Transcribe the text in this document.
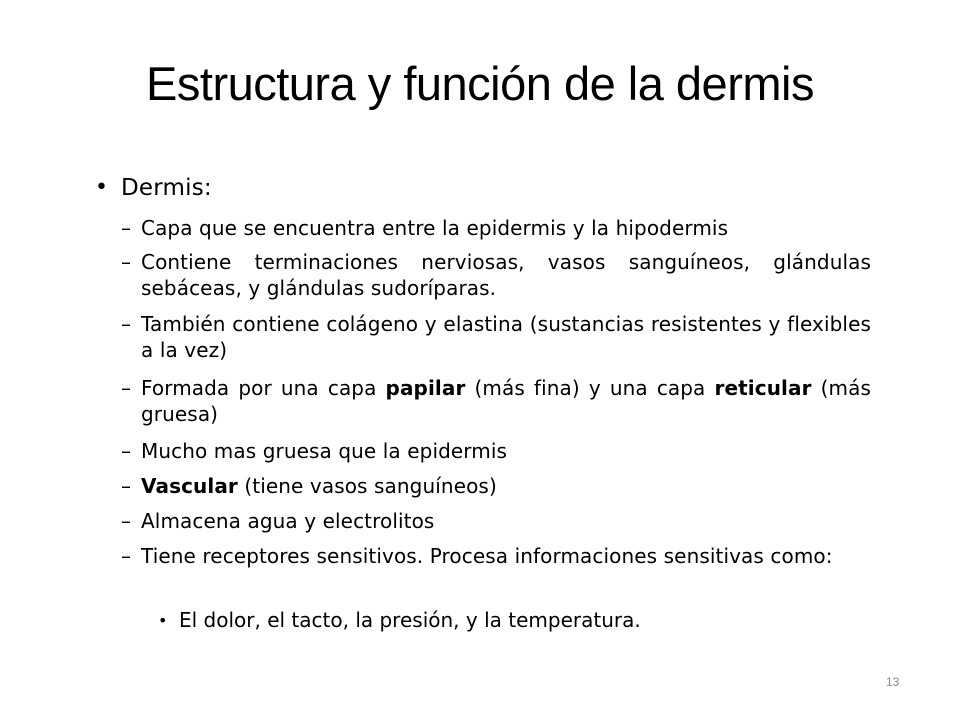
Estructura y función de la dermis
• Dermis:
– Capa que se encuentra entre la epidermis y la hipodermis
– Contiene terminaciones nerviosas, vasos sanguíneos, glándulas sebáceas, y glándulas sudoríparas.
– También contiene colágeno y elastina (sustancias resistentes y flexibles a la vez)
– Formada por una capa papilar (más fina) y una capa reticular (más gruesa)
– Mucho mas gruesa que la epidermis
– Vascular (tiene vasos sanguíneos)
– Almacena agua y electrolitos
– Tiene receptores sensitivos. Procesa informaciones sensitivas como:
• El dolor, el tacto, la presión, y la temperatura.
13
